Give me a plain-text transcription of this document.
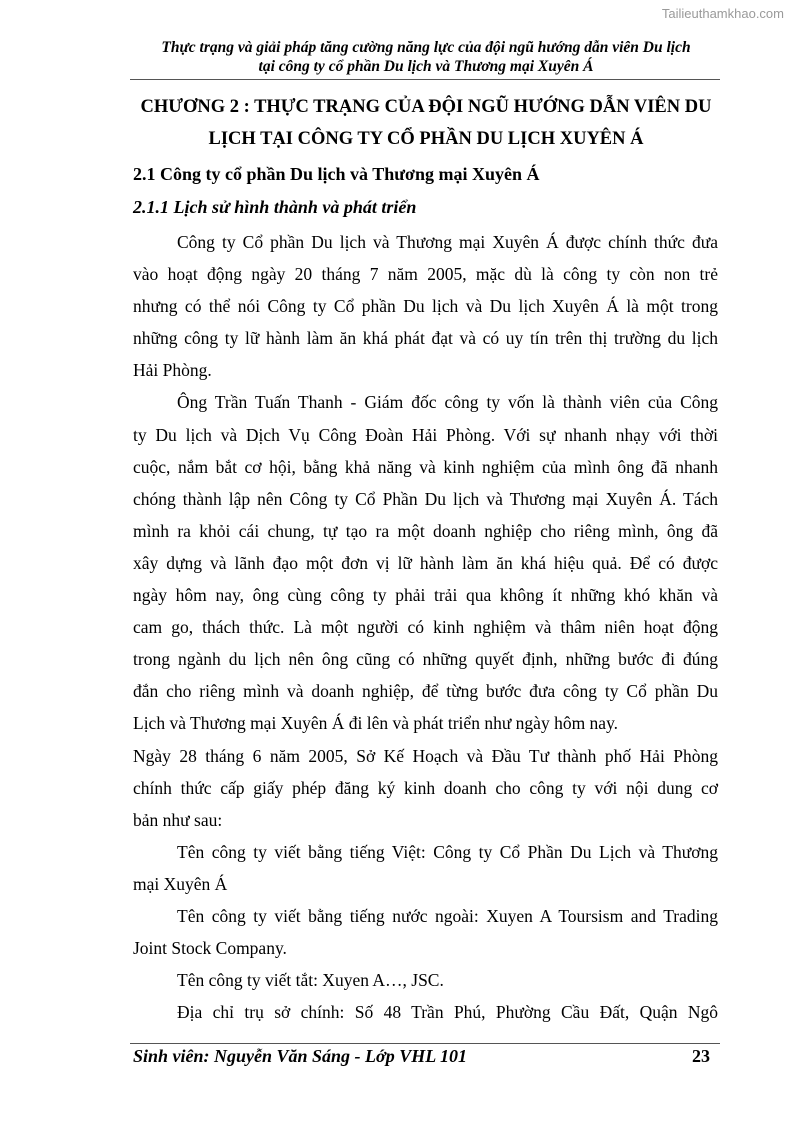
Tailieuthamkhao.com
Thực trạng và giải pháp tăng cường năng lực của đội ngũ hướng dẫn viên Du lịch
tại công ty cổ phần Du lịch và Thương mại Xuyên Á
CHƯƠNG 2 : THỰC TRẠNG CỦA ĐỘI NGŨ HƯỚNG DẪN VIÊN DU
LỊCH TẠI CÔNG TY CỔ PHẦN DU LỊCH XUYÊN Á
2.1 Công ty cổ phần Du lịch và Thương mại Xuyên Á
2.1.1 Lịch sử hình thành và phát triển
Công ty Cổ phần Du lịch và Thương mại Xuyên Á được chính thức đưa
vào hoạt động ngày 20 tháng 7 năm 2005, mặc dù là công ty còn non trẻ
nhưng có thể nói Công ty Cổ phần Du lịch và Du lịch Xuyên Á là một trong
những công ty lữ hành làm ăn khá phát đạt và có uy tín trên thị trường du lịch
Hải Phòng.
Ông Trần Tuấn Thanh - Giám đốc công ty vốn là thành viên của Công
ty Du lịch và Dịch Vụ Công Đoàn Hải Phòng. Với sự nhanh nhạy với thời
cuộc, nắm bắt cơ hội, bằng khả năng và kinh nghiệm của mình ông đã nhanh
chóng thành lập nên Công ty Cổ Phần Du lịch và Thương mại Xuyên Á. Tách
mình ra khỏi cái chung, tự tạo ra một doanh nghiệp cho riêng mình, ông đã
xây dựng và lãnh đạo một đơn vị lữ hành làm ăn khá hiệu quả. Để có được
ngày hôm nay, ông cùng công ty phải trải qua không ít những khó khăn và
cam go, thách thức. Là một người có kinh nghiệm và thâm niên hoạt động
trong ngành du lịch nên ông cũng có những quyết định, những bước đi đúng
đắn cho riêng mình và doanh nghiệp, để từng bước đưa công ty Cổ phần Du
Lịch và Thương mại Xuyên Á đi lên và phát triển như ngày hôm nay.
Ngày 28 tháng 6 năm 2005, Sở Kế Hoạch và Đầu Tư thành phố Hải Phòng
chính thức cấp giấy phép đăng ký kinh doanh cho công ty với nội dung cơ
bản như sau:
Tên công ty viết bằng tiếng Việt: Công ty Cổ Phần Du Lịch và Thương
mại Xuyên Á
Tên công ty viết bằng tiếng nước ngoài: Xuyen A Toursism and Trading
Joint Stock Company.
Tên công ty viết tắt: Xuyen A…, JSC.
Địa chỉ trụ sở chính: Số 48 Trần Phú, Phường Cầu Đất, Quận Ngô
Sinh viên: Nguyễn Văn Sáng - Lớp VHL 101	23
